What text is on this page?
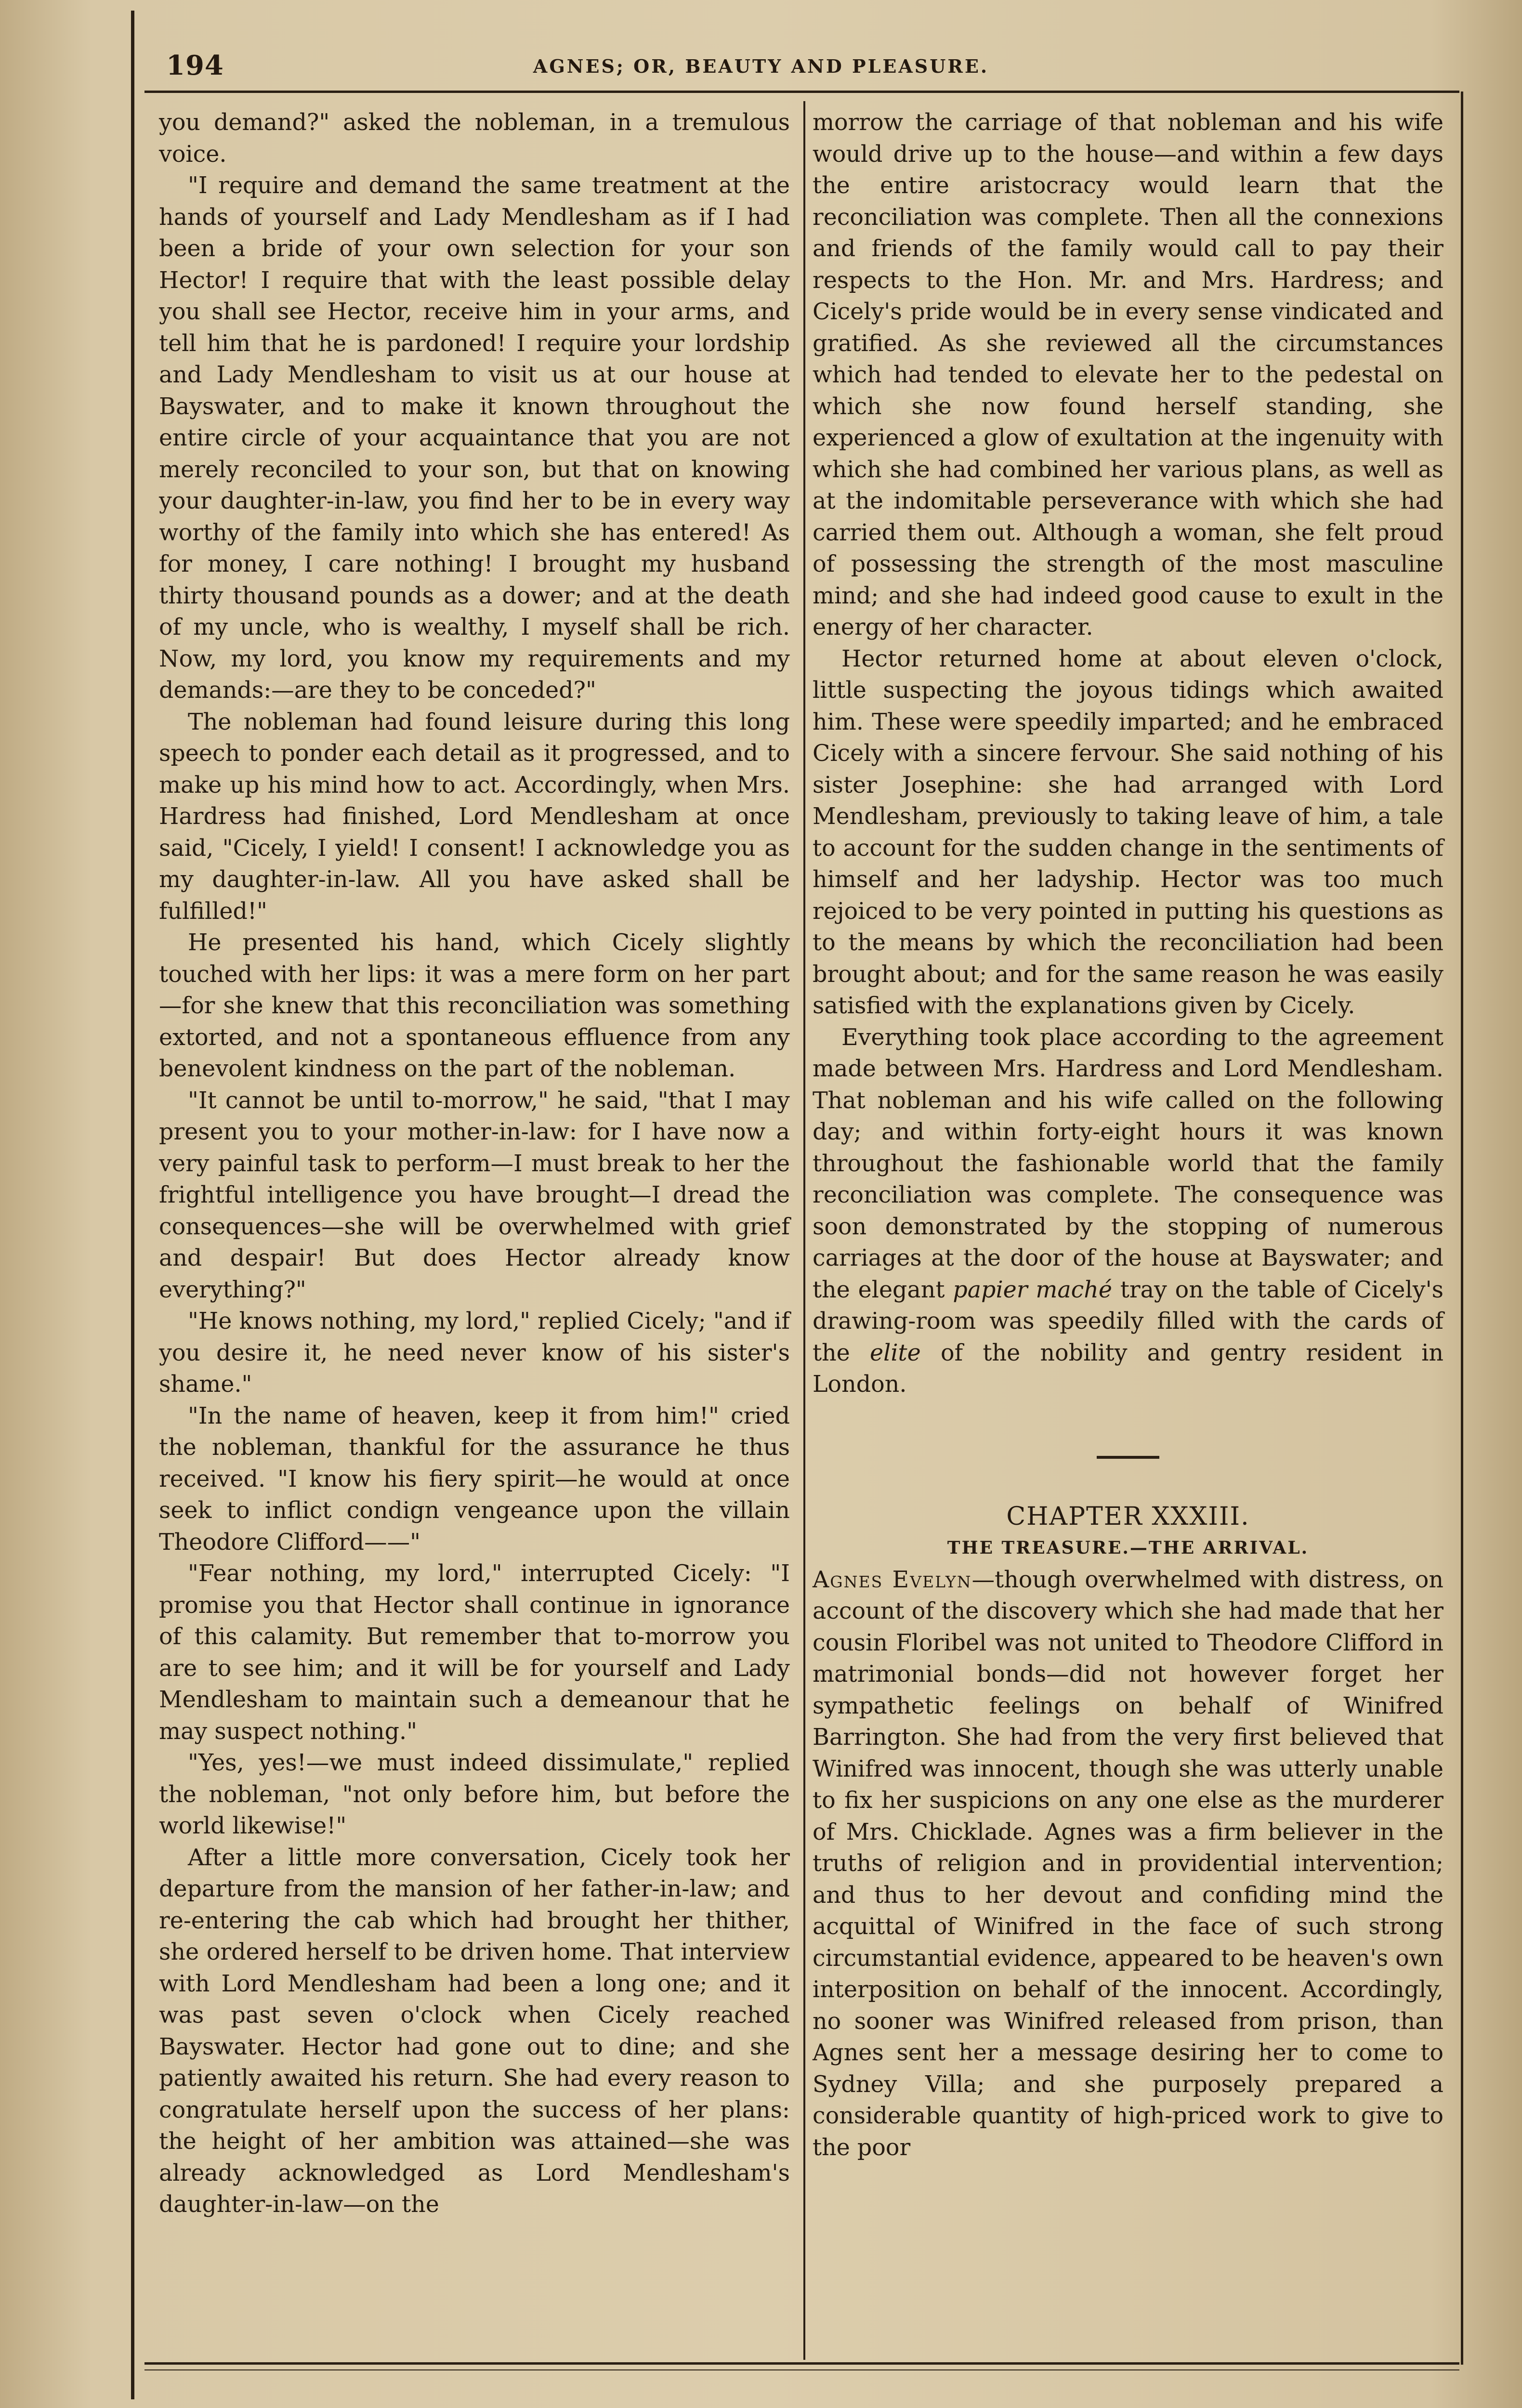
194	AGNES; OR, BEAUTY AND PLEASURE.

you demand?" asked the nobleman, in a tremulous voice.

"I require and demand the same treatment at the hands of yourself and Lady Mendlesham as if I had been a bride of your own selection for your son Hector! I require that with the least possible delay you shall see Hector, receive him in your arms, and tell him that he is pardoned! I require your lordship and Lady Mendlesham to visit us at our house at Bayswater, and to make it known throughout the entire circle of your acquaintance that you are not merely reconciled to your son, but that on knowing your daughter-in-law, you find her to be in every way worthy of the family into which she has entered! As for money, I care nothing! I brought my husband thirty thousand pounds as a dower; and at the death of my uncle, who is wealthy, I myself shall be rich. Now, my lord, you know my requirements and my demands:—are they to be conceded?"

The nobleman had found leisure during this long speech to ponder each detail as it progressed, and to make up his mind how to act. Accordingly, when Mrs. Hardress had finished, Lord Mendlesham at once said, "Cicely, I yield! I consent! I acknowledge you as my daughter-in-law. All you have asked shall be fulfilled!"

He presented his hand, which Cicely slightly touched with her lips: it was a mere form on her part—for she knew that this reconciliation was something extorted, and not a spontaneous effluence from any benevolent kindness on the part of the nobleman.

"It cannot be until to-morrow," he said, "that I may present you to your mother-in-law: for I have now a very painful task to perform—I must break to her the frightful intelligence you have brought—I dread the consequences—she will be overwhelmed with grief and despair! But does Hector already know everything?"

"He knows nothing, my lord," replied Cicely; "and if you desire it, he need never know of his sister's shame."

"In the name of heaven, keep it from him!" cried the nobleman, thankful for the assurance he thus received. "I know his fiery spirit—he would at once seek to inflict condign vengeance upon the villain Theodore Clifford——"

"Fear nothing, my lord," interrupted Cicely: "I promise you that Hector shall continue in ignorance of this calamity. But remember that to-morrow you are to see him; and it will be for yourself and Lady Mendlesham to maintain such a demeanour that he may suspect nothing."

"Yes, yes!—we must indeed dissimulate," replied the nobleman, "not only before him, but before the world likewise!"

After a little more conversation, Cicely took her departure from the mansion of her father-in-law; and re-entering the cab which had brought her thither, she ordered herself to be driven home. That interview with Lord Mendlesham had been a long one; and it was past seven o'clock when Cicely reached Bayswater. Hector had gone out to dine; and she patiently awaited his return. She had every reason to congratulate herself upon the success of her plans: the height of her ambition was attained—she was already acknowledged as Lord Mendlesham's daughter-in-law—on the

morrow the carriage of that nobleman and his wife would drive up to the house—and within a few days the entire aristocracy would learn that the reconciliation was complete. Then all the connexions and friends of the family would call to pay their respects to the Hon. Mr. and Mrs. Hardress; and Cicely's pride would be in every sense vindicated and gratified. As she reviewed all the circumstances which had tended to elevate her to the pedestal on which she now found herself standing, she experienced a glow of exultation at the ingenuity with which she had combined her various plans, as well as at the indomitable perseverance with which she had carried them out. Although a woman, she felt proud of possessing the strength of the most masculine mind; and she had indeed good cause to exult in the energy of her character.

Hector returned home at about eleven o'clock, little suspecting the joyous tidings which awaited him. These were speedily imparted; and he embraced Cicely with a sincere fervour. She said nothing of his sister Josephine: she had arranged with Lord Mendlesham, previously to taking leave of him, a tale to account for the sudden change in the sentiments of himself and her ladyship. Hector was too much rejoiced to be very pointed in putting his questions as to the means by which the reconciliation had been brought about; and for the same reason he was easily satisfied with the explanations given by Cicely.

Everything took place according to the agreement made between Mrs. Hardress and Lord Mendlesham. That nobleman and his wife called on the following day; and within forty-eight hours it was known throughout the fashionable world that the family reconciliation was complete. The consequence was soon demonstrated by the stopping of numerous carriages at the door of the house at Bayswater; and the elegant papier maché tray on the table of Cicely's drawing-room was speedily filled with the cards of the elite of the nobility and gentry resident in London.

CHAPTER XXXIII.

THE TREASURE.—THE ARRIVAL.

Agnes Evelyn—though overwhelmed with distress, on account of the discovery which she had made that her cousin Floribel was not united to Theodore Clifford in matrimonial bonds—did not however forget her sympathetic feelings on behalf of Winifred Barrington. She had from the very first believed that Winifred was innocent, though she was utterly unable to fix her suspicions on any one else as the murderer of Mrs. Chicklade. Agnes was a firm believer in the truths of religion and in providential intervention; and thus to her devout and confiding mind the acquittal of Winifred in the face of such strong circumstantial evidence, appeared to be heaven's own interposition on behalf of the innocent. Accordingly, no sooner was Winifred released from prison, than Agnes sent her a message desiring her to come to Sydney Villa; and she purposely prepared a considerable quantity of high-priced work to give to the poor
